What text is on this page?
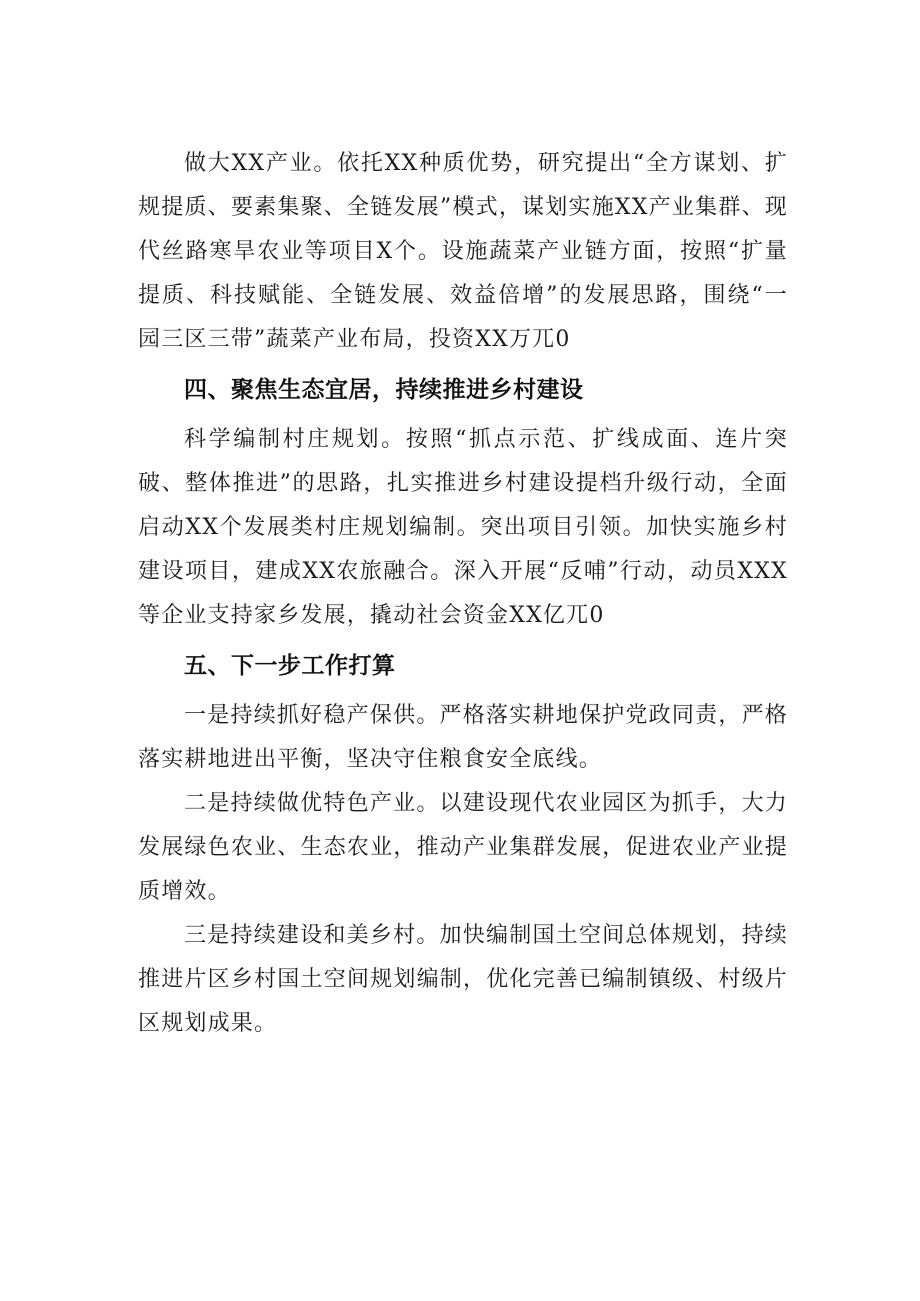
做大XX产业。依托XX种质优势，研究提出“全方谋划、扩规提质、要素集聚、全链发展”模式，谋划实施XX产业集群、现代丝路寒旱农业等项目X个。设施蔬菜产业链方面，按照“扩量提质、科技赋能、全链发展、效益倍增”的发展思路，围绕“一园三区三带”蔬菜产业布局，投资XX万兀0

四、聚焦生态宜居，持续推进乡村建设

科学编制村庄规划。按照“抓点示范、扩线成面、连片突破、整体推进”的思路，扎实推进乡村建设提档升级行动，全面启动XX个发展类村庄规划编制。突出项目引领。加快实施乡村建设项目，建成XX农旅融合。深入开展“反哺”行动，动员XXX等企业支持家乡发展，撬动社会资金XX亿兀0

五、下一步工作打算

一是持续抓好稳产保供。严格落实耕地保护党政同责，严格落实耕地进出平衡，坚决守住粮食安全底线。

二是持续做优特色产业。以建设现代农业园区为抓手，大力发展绿色农业、生态农业，推动产业集群发展，促进农业产业提质增效。

三是持续建设和美乡村。加快编制国土空间总体规划，持续推进片区乡村国土空间规划编制，优化完善已编制镇级、村级片区规划成果。
